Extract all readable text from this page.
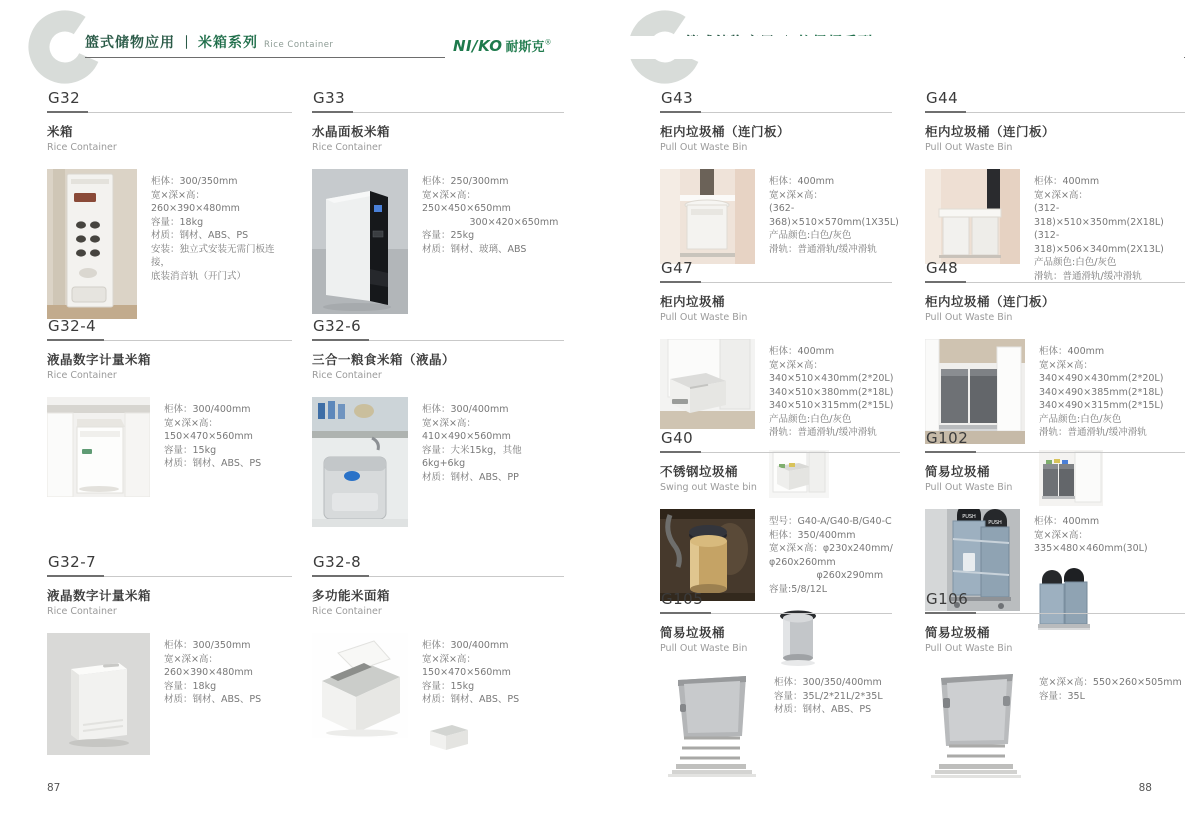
篮式储物应用 ｜ 米箱系列 Rice Container
G32
米箱
Rice Container
柜体：300/350mm
宽×深×高：260×390×480mm
容量：18kg
材质：钢材、ABS、PS
安装：独立式安装无需门板连接，
底装消音轨（开门式）
G33
水晶面板米箱
Rice Container
柜体：250/300mm
宽×深×高：250×450×650mm
　　　　　300×420×650mm
容量：25kg
材质：钢材、玻璃、ABS
G32-4
液晶数字计量米箱
Rice Container
柜体：300/400mm
宽×深×高：150×470×560mm
容量：15kg
材质：钢材、ABS、PS
G32-6
三合一粮食米箱（液晶）
Rice Container
柜体：300/400mm
宽×深×高：410×490×560mm
容量：大米15kg，其他6kg+6kg
材质：钢材、ABS、PP
G32-7
液晶数字计量米箱
Rice Container
柜体：300/350mm
宽×深×高：260×390×480mm
容量：18kg
材质：钢材、ABS、PS
G32-8
多功能米面箱
Rice Container
柜体：300/400mm
宽×深×高：150×470×560mm
容量：15kg
材质：钢材、ABS、PS
87
G43
柜内垃圾桶（连门板）
Pull Out Waste Bin
柜体：400mm
宽×深×高：
(362-368)×510×570mm(1X35L)
产品颜色:白色/灰色
滑轨：普通滑轨/缓冲滑轨
G44
柜内垃圾桶（连门板）
Pull Out Waste Bin
柜体：400mm
宽×深×高：
(312-318)×510×350mm(2X18L)
(312-318)×506×340mm(2X13L)
产品颜色:白色/灰色
滑轨：普通滑轨/缓冲滑轨
G47
柜内垃圾桶
Pull Out Waste Bin
柜体：400mm
宽×深×高：
340×510×430mm(2*20L)
340×510×380mm(2*18L)
340×510×315mm(2*15L)
产品颜色:白色/灰色
滑轨：普通滑轨/缓冲滑轨
G48
柜内垃圾桶（连门板）
Pull Out Waste Bin
柜体：400mm
宽×深×高：
340×490×430mm(2*20L)
340×490×385mm(2*18L)
340×490×315mm(2*15L)
产品颜色:白色/灰色
滑轨：普通滑轨/缓冲滑轨
G40
不锈钢垃圾桶
Swing out Waste bin
型号：G40-A/G40-B/G40-C
柜体：350/400mm
宽×深×高：φ230x240mm/φ260x260mm
　　　　　φ260x290mm
容量:5/8/12L
G102
简易垃圾桶
Pull Out Waste Bin
PUSH
PUSH	柜体：400mm
宽×深×高：
335×480×460mm(30L)
G105
简易垃圾桶
Pull Out Waste Bin
柜体：300/350/400mm
容量：35L/2*21L/2*35L
材质：钢材、ABS、PS
G106
简易垃圾桶
Pull Out Waste Bin
宽×深×高：550×260×505mm
容量：35L
88
NI/KO 耐斯克®
